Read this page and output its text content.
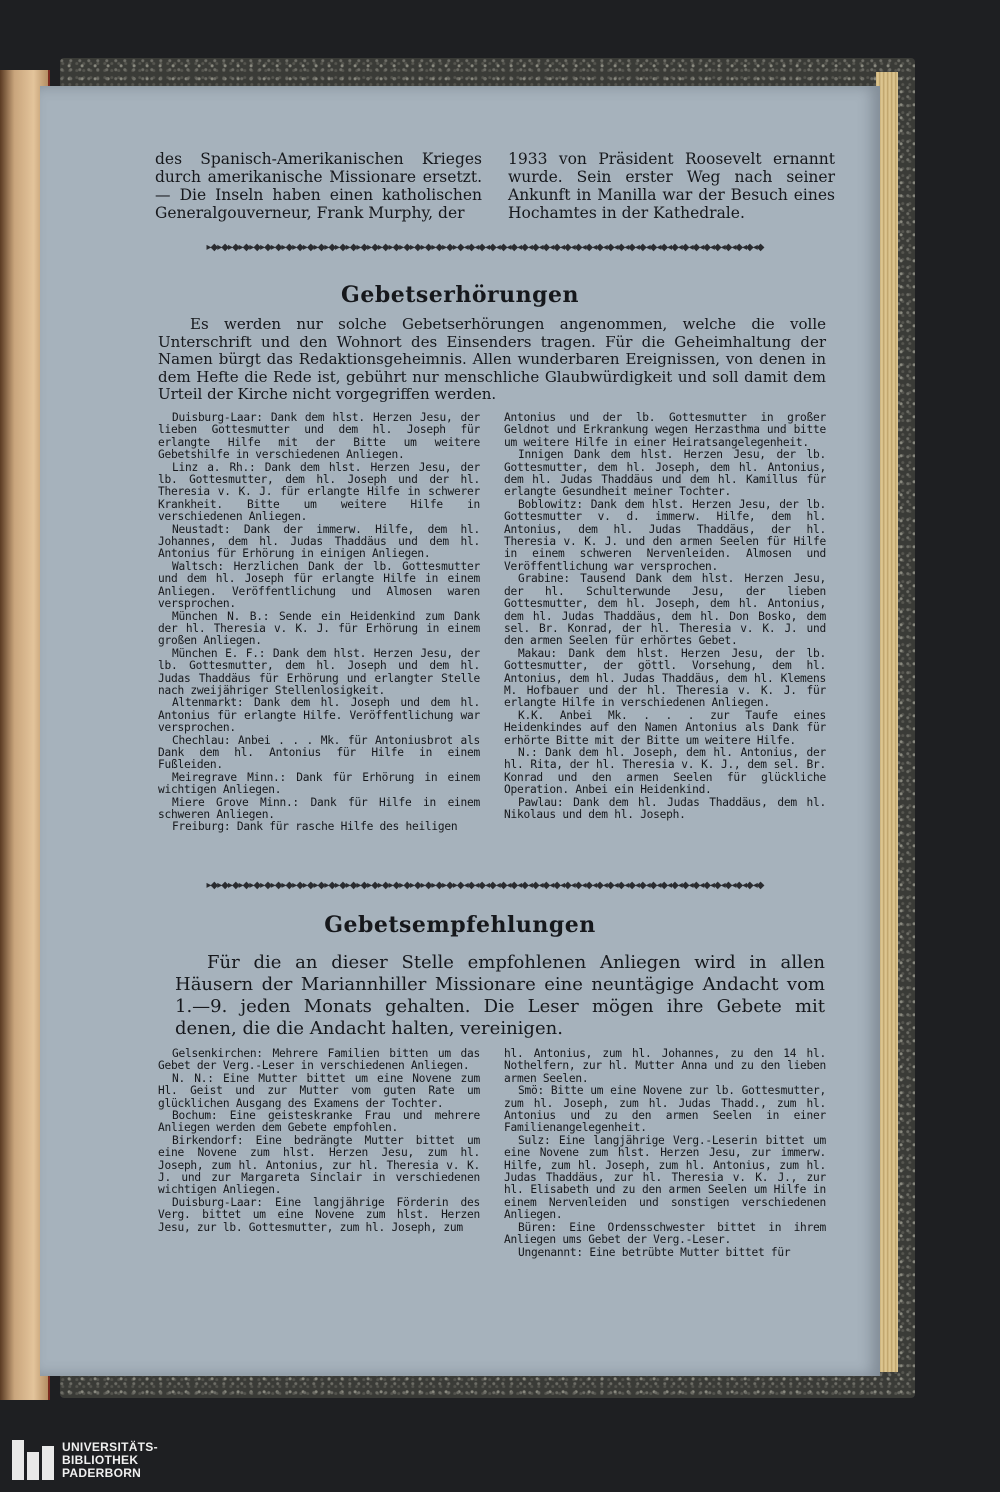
des Spanisch-Amerikanischen Krieges durch amerikanische Missionare ersetzt. — Die Inseln haben einen katholischen Generalgouverneur, Frank Murphy, der

1933 von Präsident Roosevelt ernannt wurde. Sein erster Weg nach seiner Ankunft in Manilla war der Besuch eines Hochamtes in der Kathedrale.

▸◆▸◆▸◆▸◆▸◆▸◆▸◆▸◆▸◆▸◆▸◆▸◆▸◆▸◆▸◆▸◆▸◆▸◆▸◆▸◆▸◆▸◆▸◆▸◆◂◆◂◆◂◆◂◆◂◆◂◆◂◆◂◆◂◆◂◆◂◆◂◆◂◆◂◆◂◆◂◆◂◆◂◆◂◆◂◆◂◆◂◆◂◆◂◆◂◆◂◆◂◆◂◆
Gebetserhörungen

Es werden nur solche Gebetserhörungen angenommen, welche die volle Unterschrift und den Wohnort des Einsenders tragen. Für die Geheimhaltung der Namen bürgt das Redaktionsgeheimnis. Allen wunderbaren Ereignissen, von denen in dem Hefte die Rede ist, gebührt nur menschliche Glaubwürdigkeit und soll damit dem Urteil der Kirche nicht vorgegriffen werden.

Duisburg-Laar: Dank dem hlst. Herzen Jesu, der lieben Gottesmutter und dem hl. Joseph für erlangte Hilfe mit der Bitte um weitere Gebetshilfe in verschiedenen Anliegen.

Linz a. Rh.: Dank dem hlst. Herzen Jesu, der lb. Gottesmutter, dem hl. Joseph und der hl. Theresia v. K. J. für erlangte Hilfe in schwerer Krankheit. Bitte um weitere Hilfe in verschiedenen Anliegen.

Neustadt: Dank der immerw. Hilfe, dem hl. Johannes, dem hl. Judas Thaddäus und dem hl. Antonius für Erhörung in einigen Anliegen.

Waltsch: Herzlichen Dank der lb. Gottesmutter und dem hl. Joseph für erlangte Hilfe in einem Anliegen. Veröffentlichung und Almosen waren versprochen.

München N. B.: Sende ein Heidenkind zum Dank der hl. Theresia v. K. J. für Erhörung in einem großen Anliegen.

München E. F.: Dank dem hlst. Herzen Jesu, der lb. Gottesmutter, dem hl. Joseph und dem hl. Judas Thaddäus für Erhörung und erlangter Stelle nach zweijähriger Stellenlosigkeit.

Altenmarkt: Dank dem hl. Joseph und dem hl. Antonius für erlangte Hilfe. Veröffentlichung war versprochen.

Chechlau: Anbei . . . Mk. für Antoniusbrot als Dank dem hl. Antonius für Hilfe in einem Fußleiden.

Meiregrave Minn.: Dank für Erhörung in einem wichtigen Anliegen.

Miere Grove Minn.: Dank für Hilfe in einem schweren Anliegen.

Freiburg: Dank für rasche Hilfe des heiligen

Antonius und der lb. Gottesmutter in großer Geldnot und Erkrankung wegen Herzasthma und bitte um weitere Hilfe in einer Heiratsangelegenheit.

Innigen Dank dem hlst. Herzen Jesu, der lb. Gottesmutter, dem hl. Joseph, dem hl. Antonius, dem hl. Judas Thaddäus und dem hl. Kamillus für erlangte Gesundheit meiner Tochter.

Boblowitz: Dank dem hlst. Herzen Jesu, der lb. Gottesmutter v. d. immerw. Hilfe, dem hl. Antonius, dem hl. Judas Thaddäus, der hl. Theresia v. K. J. und den armen Seelen für Hilfe in einem schweren Nervenleiden. Almosen und Veröffentlichung war versprochen.

Grabine: Tausend Dank dem hlst. Herzen Jesu, der hl. Schulterwunde Jesu, der lieben Gottesmutter, dem hl. Joseph, dem hl. Antonius, dem hl. Judas Thaddäus, dem hl. Don Bosko, dem sel. Br. Konrad, der hl. Theresia v. K. J. und den armen Seelen für erhörtes Gebet.

Makau: Dank dem hlst. Herzen Jesu, der lb. Gottesmutter, der göttl. Vorsehung, dem hl. Antonius, dem hl. Judas Thaddäus, dem hl. Klemens M. Hofbauer und der hl. Theresia v. K. J. für erlangte Hilfe in verschiedenen Anliegen.

K.K. Anbei Mk. . . . zur Taufe eines Heidenkindes auf den Namen Antonius als Dank für erhörte Bitte mit der Bitte um weitere Hilfe.

N.: Dank dem hl. Joseph, dem hl. Antonius, der hl. Rita, der hl. Theresia v. K. J., dem sel. Br. Konrad und den armen Seelen für glückliche Operation. Anbei ein Heidenkind.

Pawlau: Dank dem hl. Judas Thaddäus, dem hl. Nikolaus und dem hl. Joseph.

▸◆▸◆▸◆▸◆▸◆▸◆▸◆▸◆▸◆▸◆▸◆▸◆▸◆▸◆▸◆▸◆▸◆▸◆▸◆▸◆▸◆▸◆▸◆▸◆◂◆◂◆◂◆◂◆◂◆◂◆◂◆◂◆◂◆◂◆◂◆◂◆◂◆◂◆◂◆◂◆◂◆◂◆◂◆◂◆◂◆◂◆◂◆◂◆◂◆◂◆◂◆◂◆
Gebetsempfehlungen

Für die an dieser Stelle empfohlenen Anliegen wird in allen Häusern der Mariannhiller Missionare eine neuntägige Andacht vom 1.—9. jeden Monats gehalten. Die Leser mögen ihre Gebete mit denen, die die Andacht halten, vereinigen.

Gelsenkirchen: Mehrere Familien bitten um das Gebet der Verg.-Leser in verschiedenen Anliegen.

N. N.: Eine Mutter bittet um eine Novene zum Hl. Geist und zur Mutter vom guten Rate um glücklichen Ausgang des Examens der Tochter.

Bochum: Eine geisteskranke Frau und mehrere Anliegen werden dem Gebete empfohlen.

Birkendorf: Eine bedrängte Mutter bittet um eine Novene zum hlst. Herzen Jesu, zum hl. Joseph, zum hl. Antonius, zur hl. Theresia v. K. J. und zur Margareta Sinclair in verschiedenen wichtigen Anliegen.

Duisburg-Laar: Eine langjährige Förderin des Verg. bittet um eine Novene zum hlst. Herzen Jesu, zur lb. Gottesmutter, zum hl. Joseph, zum

hl. Antonius, zum hl. Johannes, zu den 14 hl. Nothelfern, zur hl. Mutter Anna und zu den lieben armen Seelen.

Smö: Bitte um eine Novene zur lb. Gottesmutter, zum hl. Joseph, zum hl. Judas Thadd., zum hl. Antonius und zu den armen Seelen in einer Familienangelegenheit.

Sulz: Eine langjährige Verg.-Leserin bittet um eine Novene zum hlst. Herzen Jesu, zur immerw. Hilfe, zum hl. Joseph, zum hl. Antonius, zum hl. Judas Thaddäus, zur hl. Theresia v. K. J., zur hl. Elisabeth und zu den armen Seelen um Hilfe in einem Nervenleiden und sonstigen verschiedenen Anliegen.

Büren: Eine Ordensschwester bittet in ihrem Anliegen ums Gebet der Verg.-Leser.

Ungenannt: Eine betrübte Mutter bittet für

UNIVERSITÄTS-
BIBLIOTHEK
PADERBORN
